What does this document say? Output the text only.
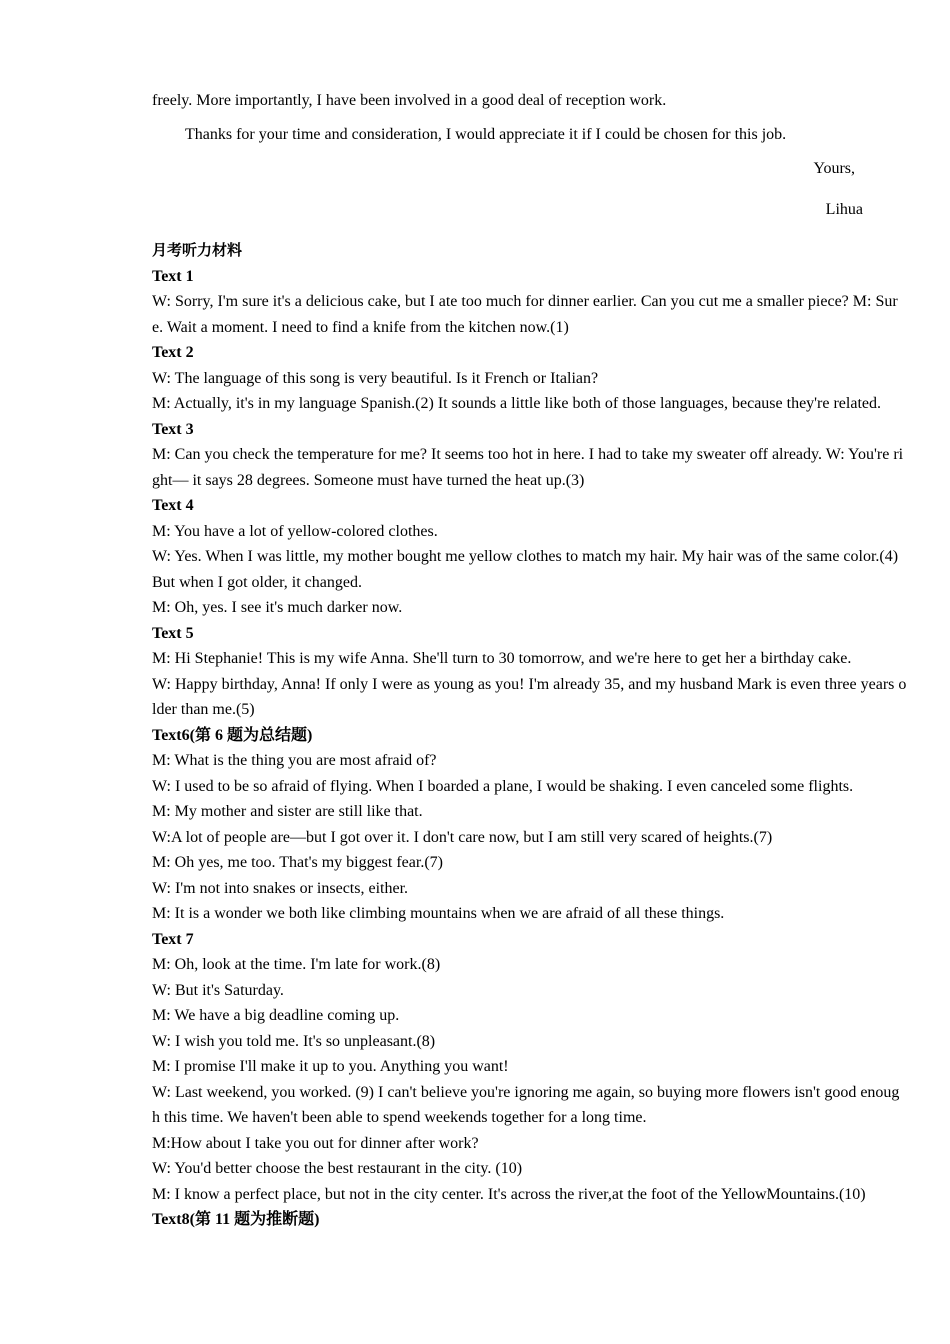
freely. More importantly, I have been involved in a good deal of reception work.

Thanks for your time and consideration, I would appreciate it if I could be chosen for this job.

Yours,

Lihua

月考听力材料

Text 1

W: Sorry, I'm sure it's a delicious cake, but I ate too much for dinner earlier. Can you cut me a smaller piece? M: Sure. Wait a moment. I need to find a knife from the kitchen now.(1)

Text 2

W: The language of this song is very beautiful. Is it French or Italian?

M: Actually, it's in my language Spanish.(2) It sounds a little like both of those languages, because they're related.

Text 3

M: Can you check the temperature for me? It seems too hot in here. I had to take my sweater off already. W: You're right— it says 28 degrees. Someone must have turned the heat up.(3)

Text 4

M: You have a lot of yellow-colored clothes.

W: Yes. When I was little, my mother bought me yellow clothes to match my hair. My hair was of the same color.(4) But when I got older, it changed.

M: Oh, yes. I see it's much darker now.

Text 5

M: Hi Stephanie! This is my wife Anna. She'll turn to 30 tomorrow, and we're here to get her a birthday cake.

W: Happy birthday, Anna! If only I were as young as you! I'm already 35, and my husband Mark is even three years older than me.(5)

Text6(第 6 题为总结题)

M: What is the thing you are most afraid of?

W: I used to be so afraid of flying. When I boarded a plane, I would be shaking. I even canceled some flights.

M: My mother and sister are still like that.

W:A lot of people are—but I got over it. I don't care now, but I am still very scared of heights.(7)

M: Oh yes, me too. That's my biggest fear.(7)

W: I'm not into snakes or insects, either.

M: It is a wonder we both like climbing mountains when we are afraid of all these things.

Text 7

M: Oh, look at the time. I'm late for work.(8)

W: But it's Saturday.

M: We have a big deadline coming up.

W: I wish you told me. It's so unpleasant.(8)

M: I promise I'll make it up to you. Anything you want!

W: Last weekend, you worked. (9) I can't believe you're ignoring me again, so buying more flowers isn't good enough this time. We haven't been able to spend weekends together for a long time.

M:How about I take you out for dinner after work?

W: You'd better choose the best restaurant in the city. (10)

M: I know a perfect place, but not in the city center. It's across the river,at the foot of the YellowMountains.(10)

Text8(第 11 题为推断题)
